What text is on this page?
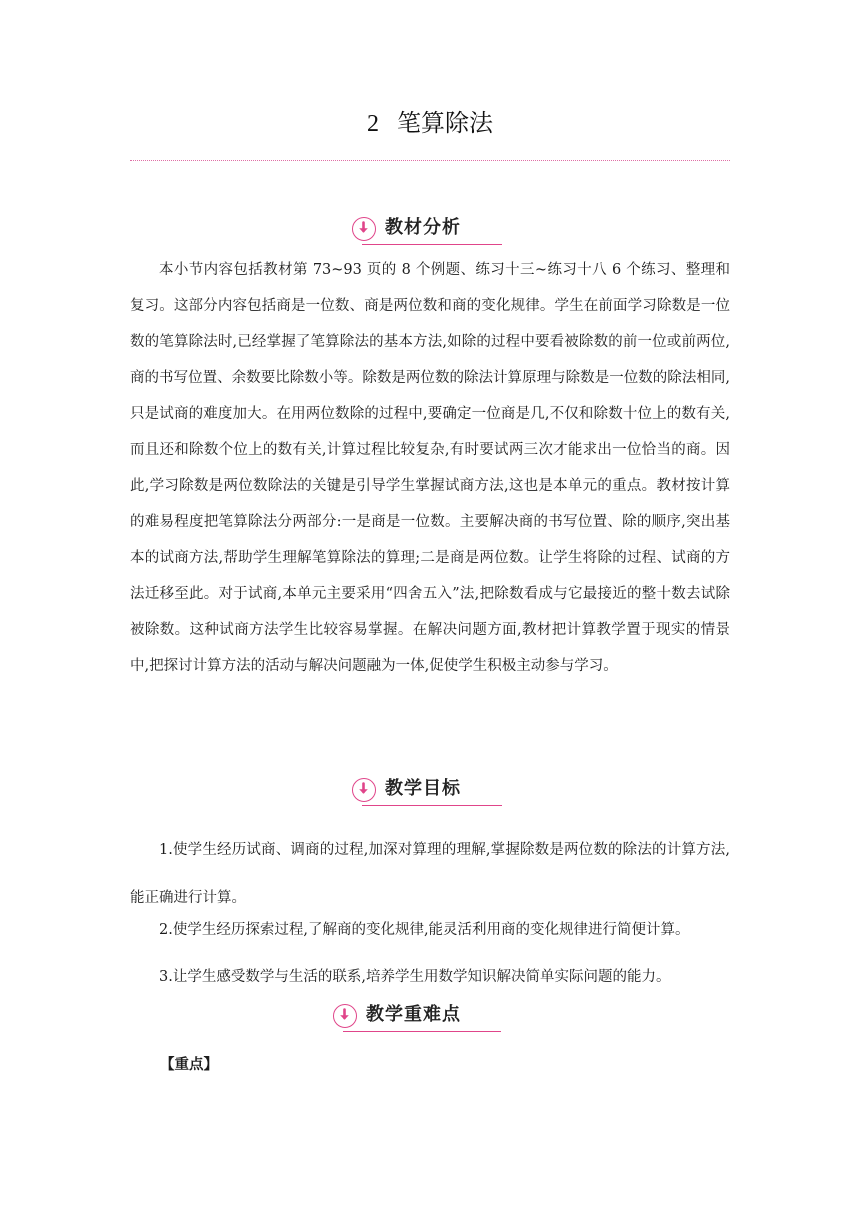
2 笔算除法
教材分析
本小节内容包括教材第 73~93 页的 8 个例题、练习十三~练习十八 6 个练习、整理和复习。这部分内容包括商是一位数、商是两位数和商的变化规律。学生在前面学习除数是一位数的笔算除法时,已经掌握了笔算除法的基本方法,如除的过程中要看被除数的前一位或前两位,商的书写位置、余数要比除数小等。除数是两位数的除法计算原理与除数是一位数的除法相同,只是试商的难度加大。在用两位数除的过程中,要确定一位商是几,不仅和除数十位上的数有关,而且还和除数个位上的数有关,计算过程比较复杂,有时要试两三次才能求出一位恰当的商。因此,学习除数是两位数除法的关键是引导学生掌握试商方法,这也是本单元的重点。教材按计算的难易程度把笔算除法分两部分:一是商是一位数。主要解决商的书写位置、除的顺序,突出基本的试商方法,帮助学生理解笔算除法的算理;二是商是两位数。让学生将除的过程、试商的方法迁移至此。对于试商,本单元主要采用“四舍五入”法,把除数看成与它最接近的整十数去试除被除数。这种试商方法学生比较容易掌握。在解决问题方面,教材把计算教学置于现实的情景中,把探讨计算方法的活动与解决问题融为一体,促使学生积极主动参与学习。
教学目标
1.使学生经历试商、调商的过程,加深对算理的理解,掌握除数是两位数的除法的计算方法,能正确进行计算。
2.使学生经历探索过程,了解商的变化规律,能灵活利用商的变化规律进行简便计算。
3.让学生感受数学与生活的联系,培养学生用数学知识解决简单实际问题的能力。
教学重难点
【重点】
